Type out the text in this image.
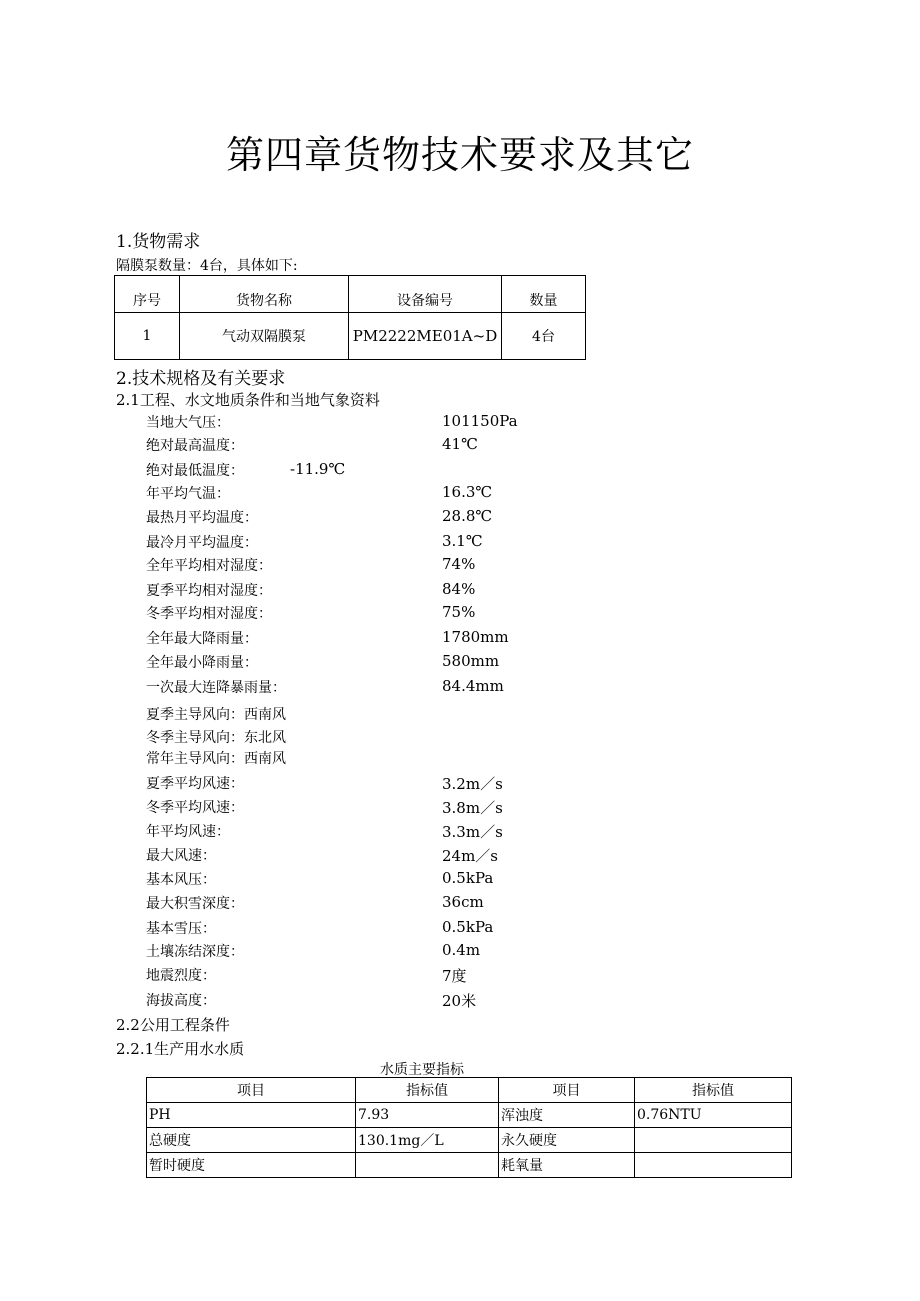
第四章货物技术要求及其它
1.货物需求
隔膜泵数量：4台，具体如下:
序号	货物名称	设备编号	数量
1	气动双隔膜泵	PM2222ME01A~D	4台
2.技术规格及有关要求
2.1工程、水文地质条件和当地气象资料
当地大气压：	101150Pa
绝对最高温度：	41℃
绝对最低温度：	-11.9℃
年平均气温：	16.3℃
最热月平均温度：	28.8℃
最冷月平均温度：	3.1℃
全年平均相对湿度：	74%
夏季平均相对湿度：	84%
冬季平均相对湿度：	75%
全年最大降雨量：	1780mm
全年最小降雨量：	580mm
一次最大连降暴雨量：	84.4mm
夏季主导风向：西南风
冬季主导风向：东北风
常年主导风向：西南风
夏季平均风速：	3.2m／s
冬季平均风速：	3.8m／s
年平均风速：	3.3m／s
最大风速：	24m／s
基本风压：	0.5kPa
最大积雪深度：	36cm
基本雪压：	0.5kPa
土壤冻结深度：	0.4m
地震烈度：	7度
海拔高度：	20米
2.2公用工程条件
2.2.1生产用水水质
水质主要指标
项目	指标值	项目	指标值
PH	7.93	浑浊度	0.76NTU
总硬度	130.1mg／L	永久硬度	
暂时硬度		耗氧量	
